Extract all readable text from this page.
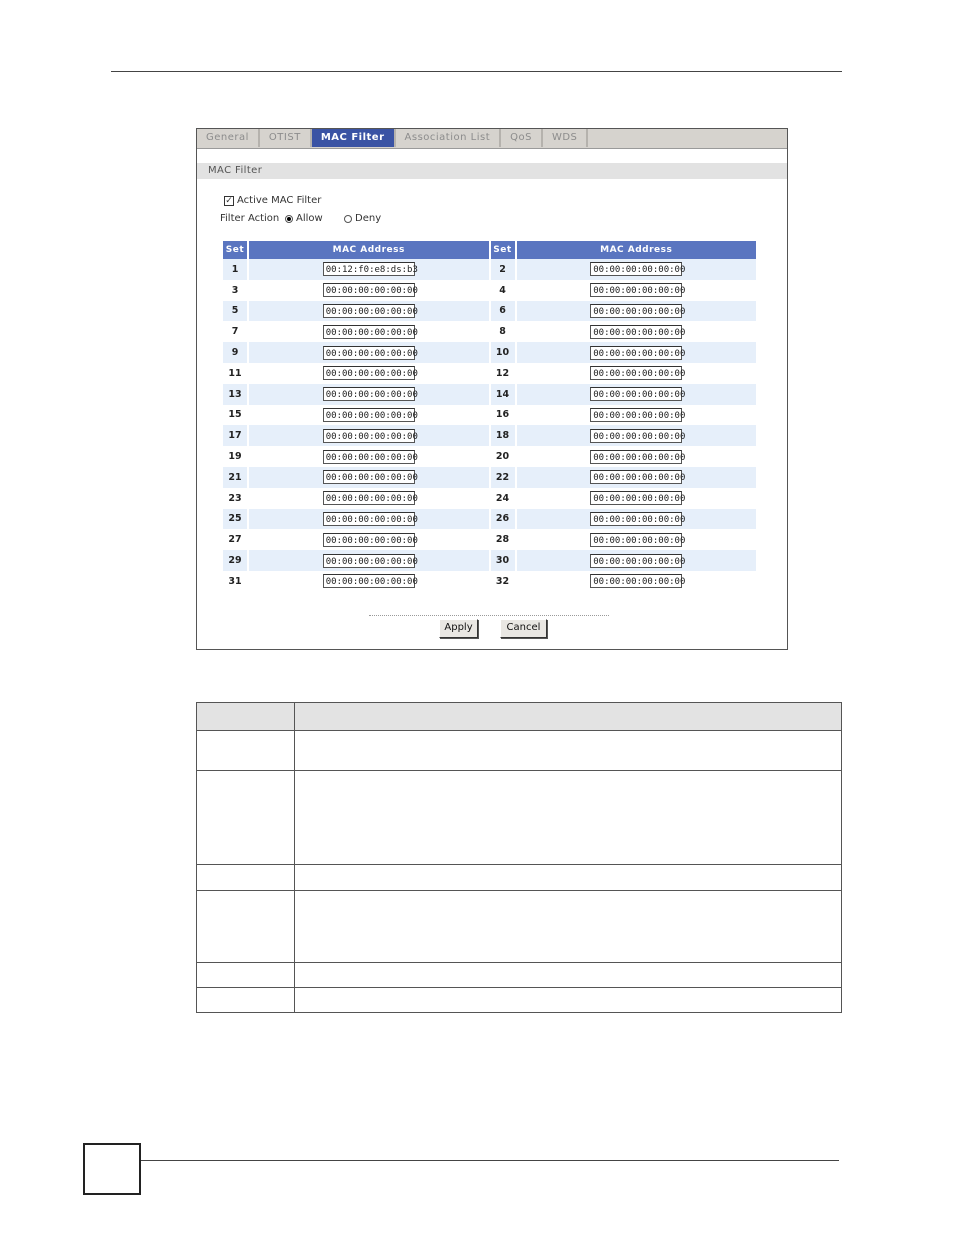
General	OTIST	MAC Filter	Association List	QoS	WDS
MAC Filter
✓ Active MAC Filter
Filter Action Allow	Deny
Set	MAC Address	Set	MAC Address
1	00:12:f0:e8:ds:b3	2	00:00:00:00:00:00
3	00:00:00:00:00:00	4	00:00:00:00:00:00
5	00:00:00:00:00:00	6	00:00:00:00:00:00
7	00:00:00:00:00:00	8	00:00:00:00:00:00
9	00:00:00:00:00:00	10	00:00:00:00:00:00
11	00:00:00:00:00:00	12	00:00:00:00:00:00
13	00:00:00:00:00:00	14	00:00:00:00:00:00
15	00:00:00:00:00:00	16	00:00:00:00:00:00
17	00:00:00:00:00:00	18	00:00:00:00:00:00
19	00:00:00:00:00:00	20	00:00:00:00:00:00
21	00:00:00:00:00:00	22	00:00:00:00:00:00
23	00:00:00:00:00:00	24	00:00:00:00:00:00
25	00:00:00:00:00:00	26	00:00:00:00:00:00
27	00:00:00:00:00:00	28	00:00:00:00:00:00
29	00:00:00:00:00:00	30	00:00:00:00:00:00
31	00:00:00:00:00:00	32	00:00:00:00:00:00
Apply	Cancel
